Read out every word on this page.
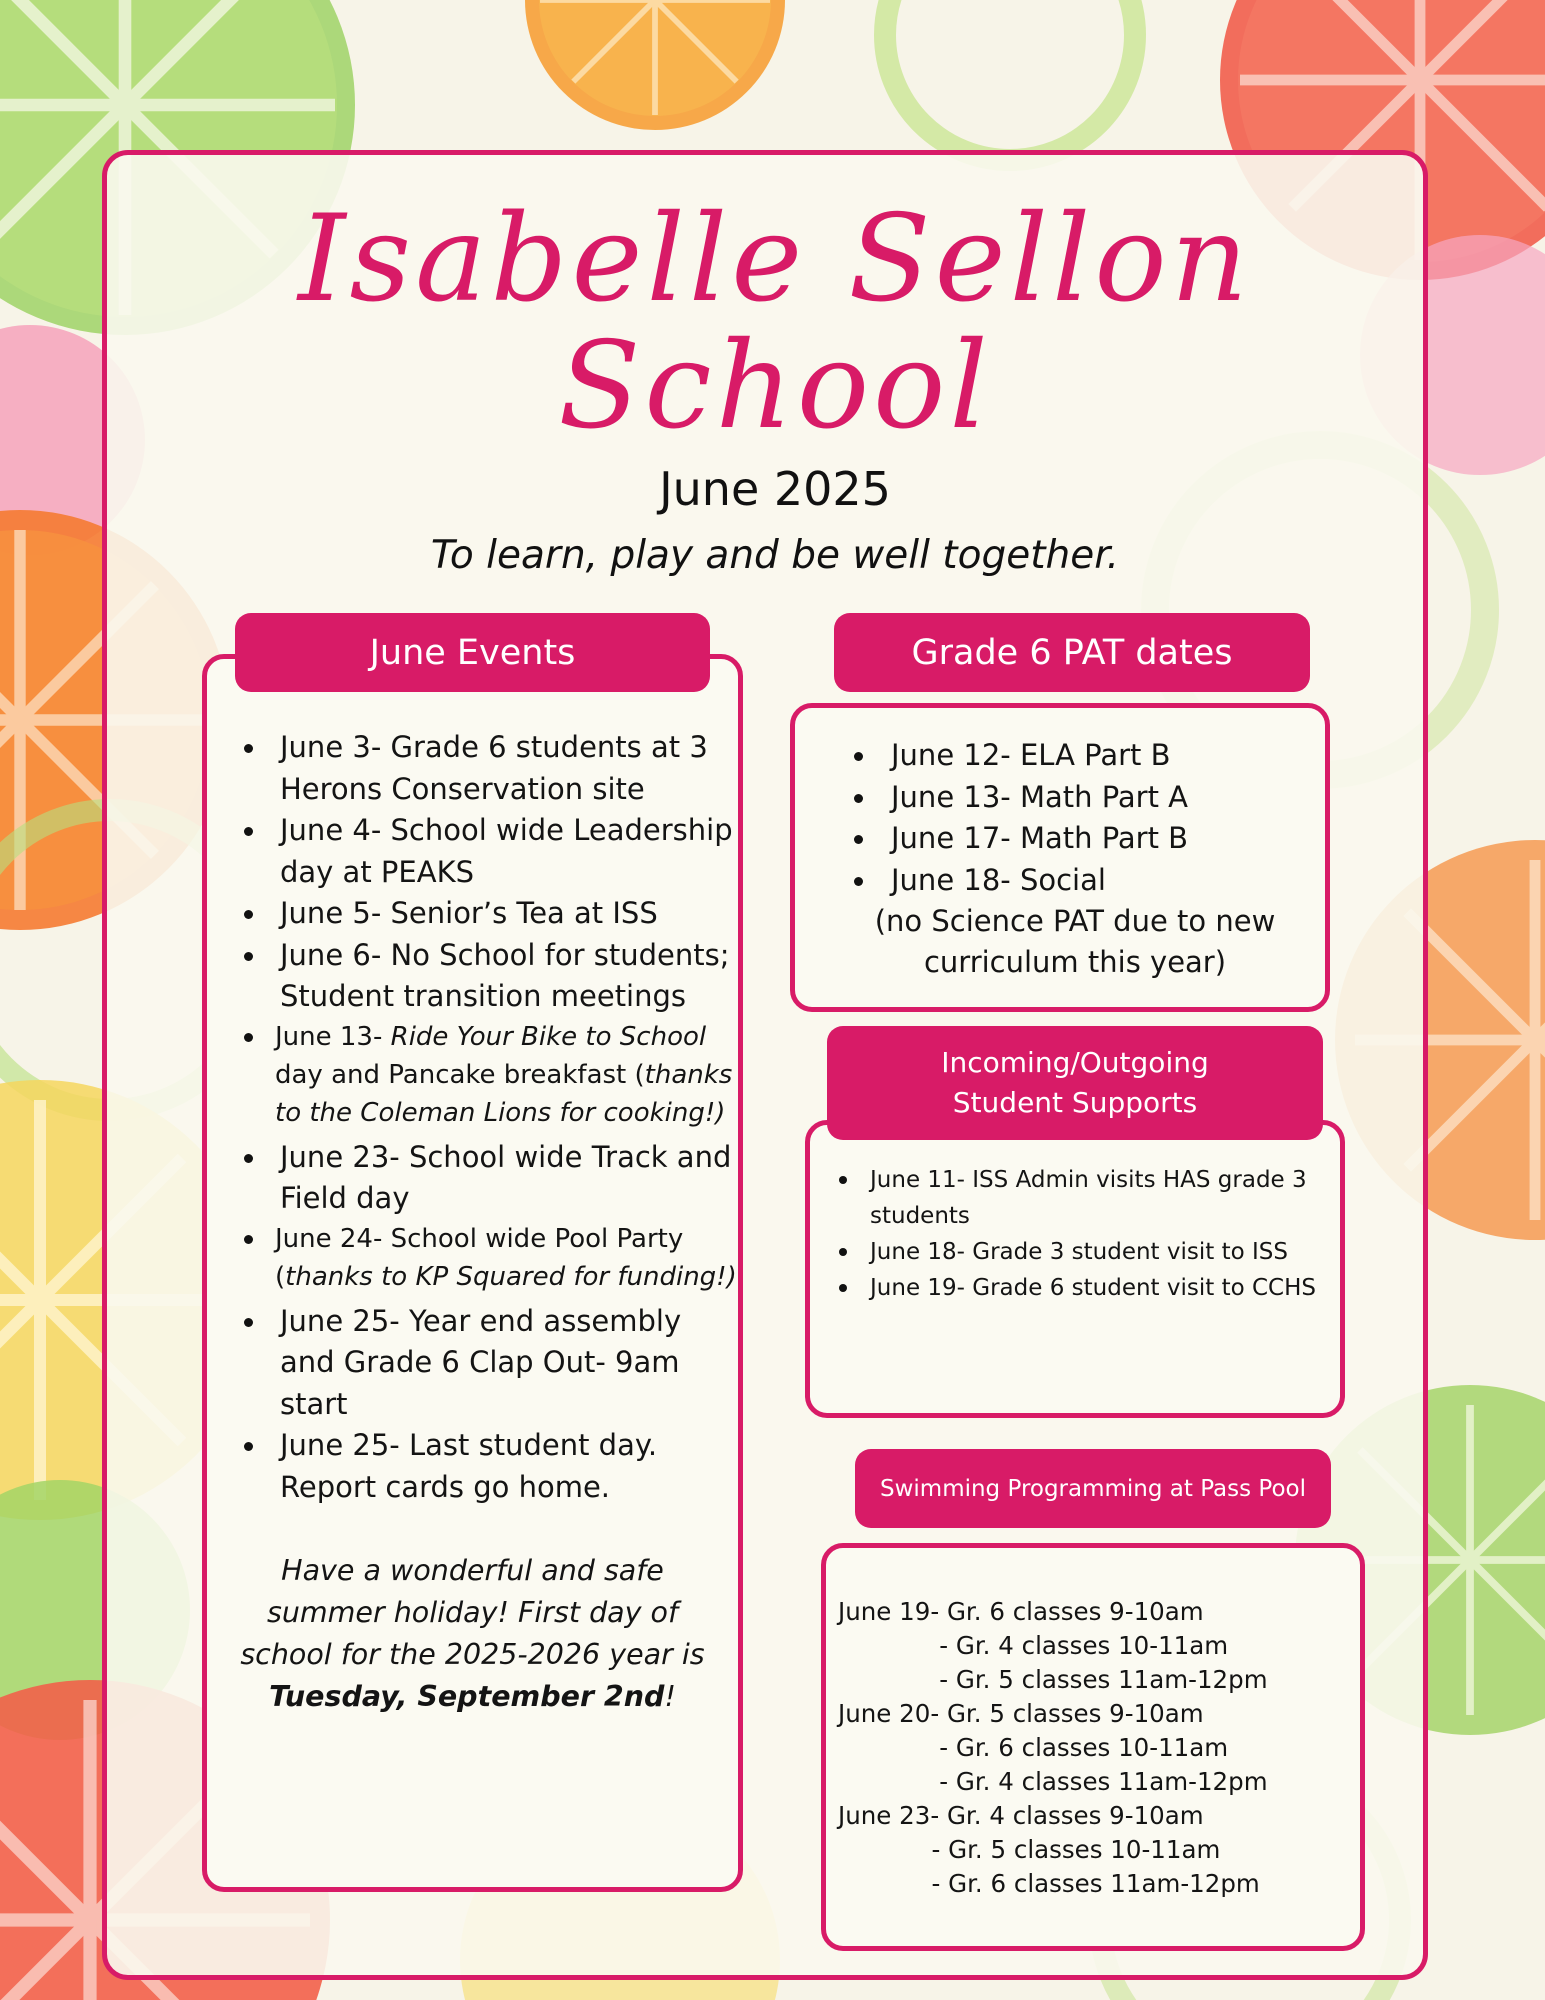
Isabelle Sellon
School
June 2025
To learn, play and be well together.
June Events
June 3- Grade 6 students at 3 Herons Conservation site
June 4- School wide Leadership day at PEAKS
June 5- Senior’s Tea at ISS
June 6- No School for students; Student transition meetings
June 13- Ride Your Bike to School day and Pancake breakfast (thanks to the Coleman Lions for cooking!)
June 23- School wide Track and Field day
June 24- School wide Pool Party (thanks to KP Squared for funding!)
June 25- Year end assembly and Grade 6 Clap Out- 9am start
June 25- Last student day. Report cards go home.
Have a wonderful and safe summer holiday! First day of school for the 2025-2026 year is Tuesday, September 2nd!
Grade 6 PAT dates
June 12- ELA Part B
June 13- Math Part A
June 17- Math Part B
June 18- Social
(no Science PAT due to new curriculum this year)
Incoming/Outgoing
Student Supports
June 11- ISS Admin visits HAS grade 3 students
June 18- Grade 3 student visit to ISS
June 19- Grade 6 student visit to CCHS
Swimming Programming at Pass Pool
June 19- Gr. 6 classes 9-10am
- Gr. 4 classes 10-11am
- Gr. 5 classes 11am-12pm
June 20- Gr. 5 classes 9-10am
- Gr. 6 classes 10-11am
- Gr. 4 classes 11am-12pm
June 23- Gr. 4 classes 9-10am
- Gr. 5 classes 10-11am
- Gr. 6 classes 11am-12pm
